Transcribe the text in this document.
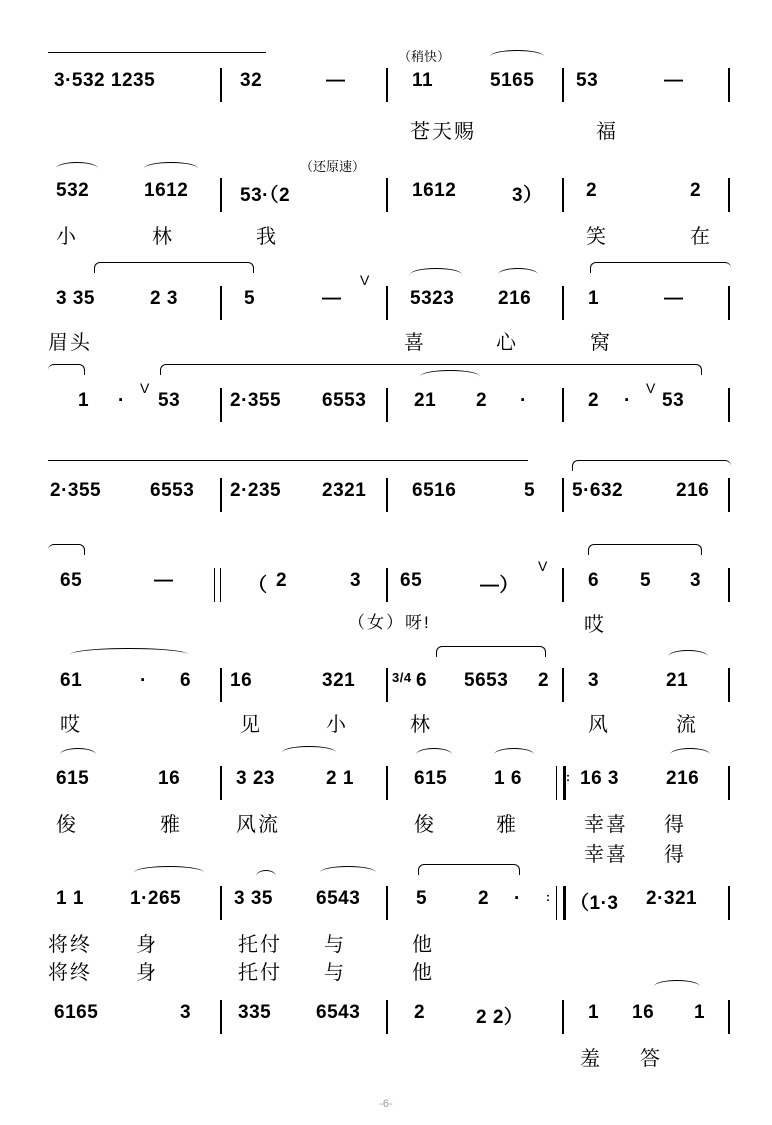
3·532 1235	32	—
（稍快）
11	5165 53	—
苍天赐	福
532	1612
（还原速）
53·（2	1612	3） 2	2
小	林	我	笑	在
3 35	2 3	5	—
V
5323 216	1	—
眉头	喜	心	窝
1 ·
V
53	2·355 6553	21 2 ·	2 ·
V
53
2·355	6553 2·235 2321 6516	5 5·632	216
65	—	（ 2	3 65	—）
V
6 5 3
（女）呀!	哎
61	· 6 16	321	3/4 6 5653 2 3	21
哎	见	小	林	风	流
615	16	3 23	2 1	615 1 6	: 16 3 216
俊	雅	风流	俊	雅	幸喜 得
幸喜 得
1 1 1·265	3 35 6543	5	2 · : （1·3 2·321
将终 身	托付 与	他
将终 身	托付 与	他
6165	3 335 6543	2	2 2）	1 16 1
羞 答
-6-
